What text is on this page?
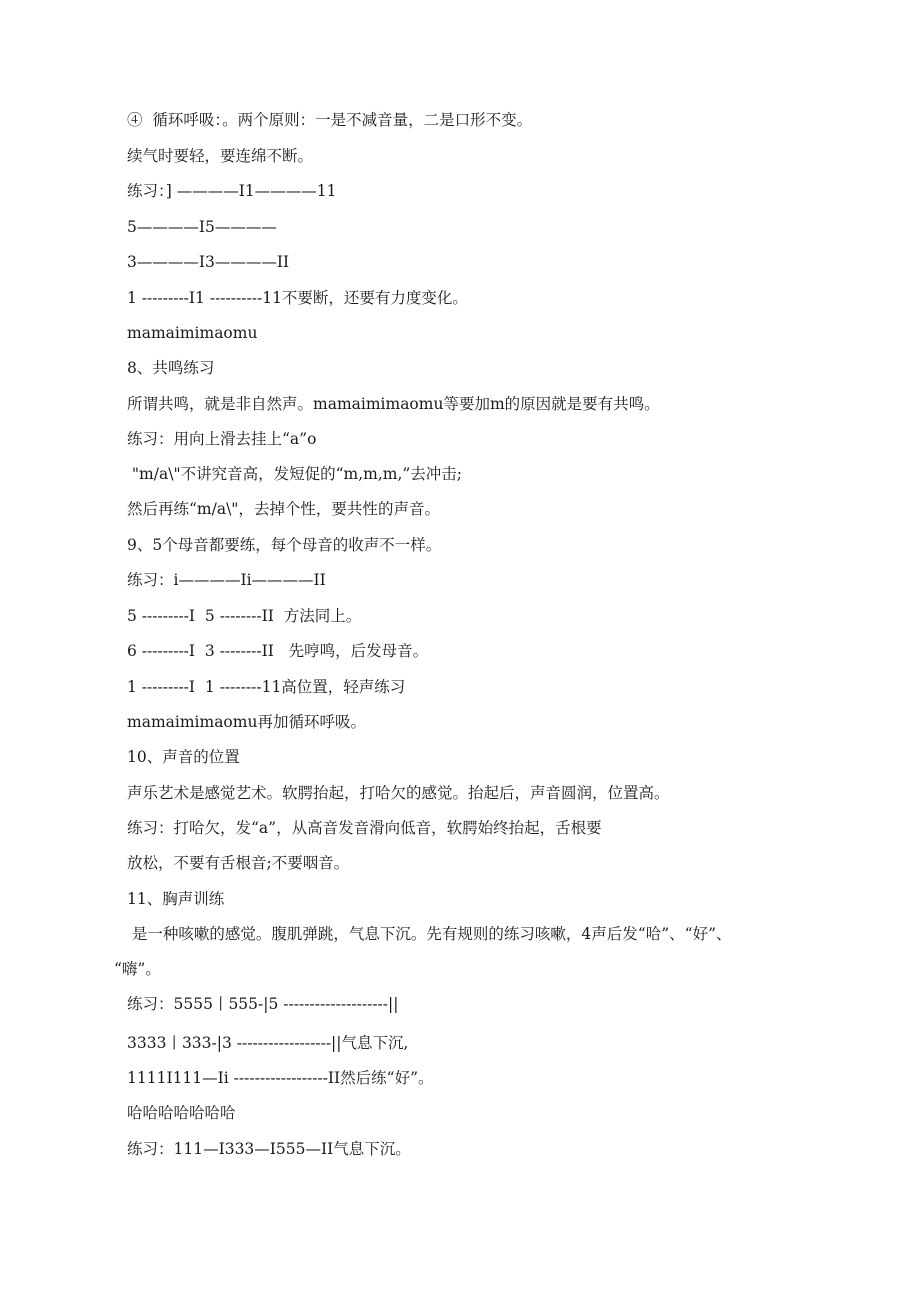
④  循环呼吸：。两个原则：一是不减音量，二是口形不变。
续气时要轻，要连绵不断。
练习：] ————I1————11
5————I5————
3————I3————II
1 ---------I1 ----------11不要断，还要有力度变化。
mamaimimaomu
8、共鸣练习
所谓共鸣，就是非自然声。mamaimimaomu等要加m的原因就是要有共鸣。
练习：用向上滑去挂上“a”o
"m/a\"不讲究音高，发短促的“m,m,m,”去冲击;
然后再练“m/a\"，去掉个性，要共性的声音。
9、5个母音都要练，每个母音的收声不一样。
练习：i————Ii————II
5 ---------I  5 --------II  方法同上。
6 ---------I  3 --------II   先哼鸣，后发母音。
1 ---------I  1 --------11高位置，轻声练习
mamaimimaomu再加循环呼吸。
10、声音的位置
声乐艺术是感觉艺术。软腭抬起，打哈欠的感觉。抬起后，声音圆润，位置高。
练习：打哈欠，发“a”，从高音发音滑向低音，软腭始终抬起，舌根要
放松，不要有舌根音;不要咽音。
11、胸声训练
是一种咳嗽的感觉。腹肌弹跳，气息下沉。先有规则的练习咳嗽，4声后发“哈”、“好”、
“嗨”。
练习：5555丨555-|5 --------------------||
3333丨333-|3 ------------------||气息下沉,
1111I111—Ii ------------------II然后练“好”。
哈哈哈哈哈哈哈
练习：111—I333—I555—II气息下沉。
